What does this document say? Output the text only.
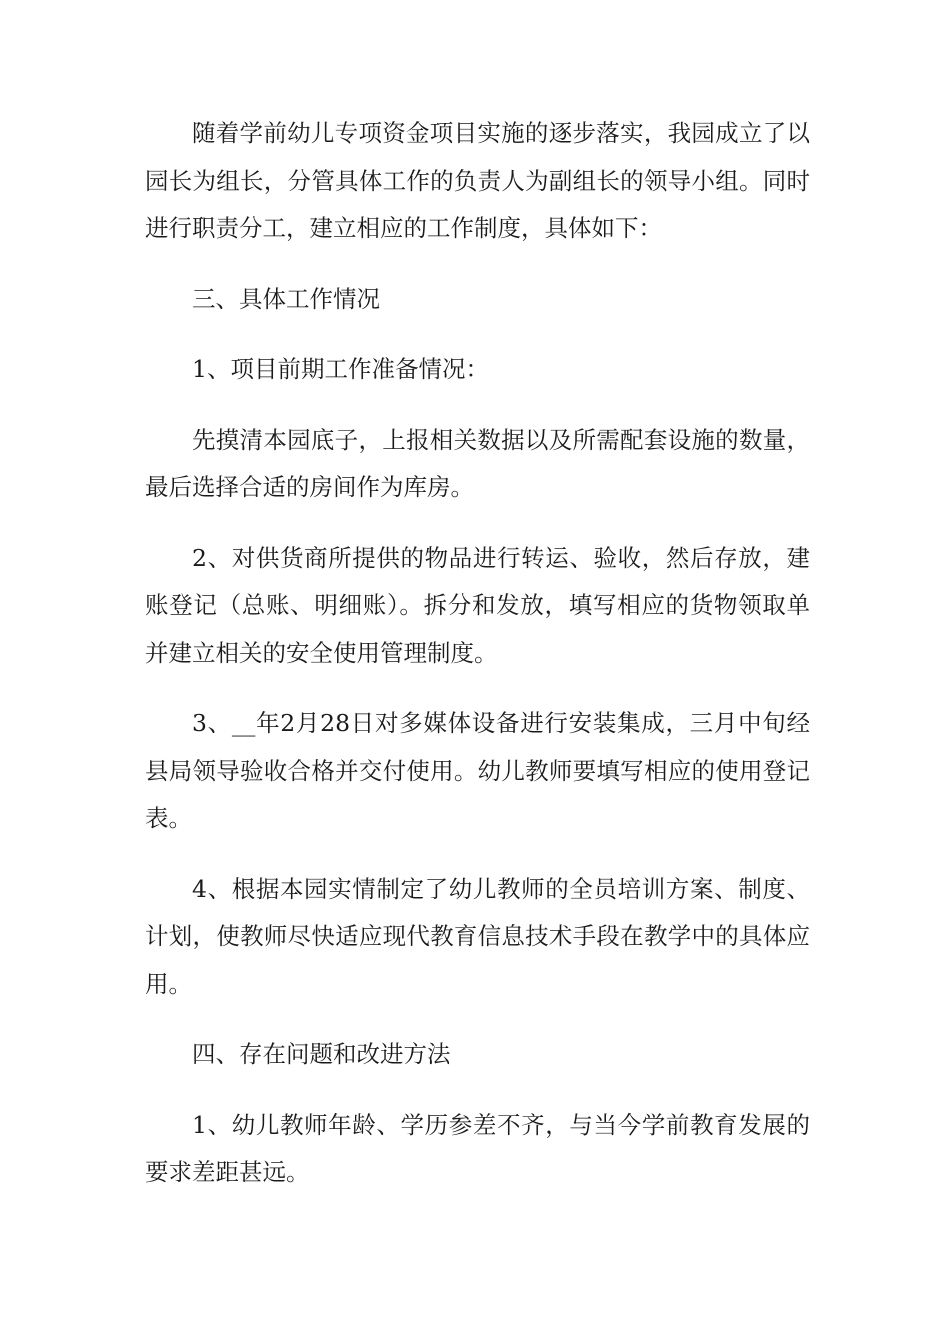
随着学前幼儿专项资金项目实施的逐步落实，我园成立了以园长为组长，分管具体工作的负责人为副组长的领导小组。同时进行职责分工，建立相应的工作制度，具体如下：

三、具体工作情况

1、项目前期工作准备情况：

先摸清本园底子，上报相关数据以及所需配套设施的数量，最后选择合适的房间作为库房。

2、对供货商所提供的物品进行转运、验收，然后存放，建账登记（总账、明细账）。拆分和发放，填写相应的货物领取单并建立相关的安全使用管理制度。

3、__年2月28日对多媒体设备进行安装集成，三月中旬经县局领导验收合格并交付使用。幼儿教师要填写相应的使用登记表。

4、根据本园实情制定了幼儿教师的全员培训方案、制度、计划，使教师尽快适应现代教育信息技术手段在教学中的具体应用。

四、存在问题和改进方法

1、幼儿教师年龄、学历参差不齐，与当今学前教育发展的要求差距甚远。
